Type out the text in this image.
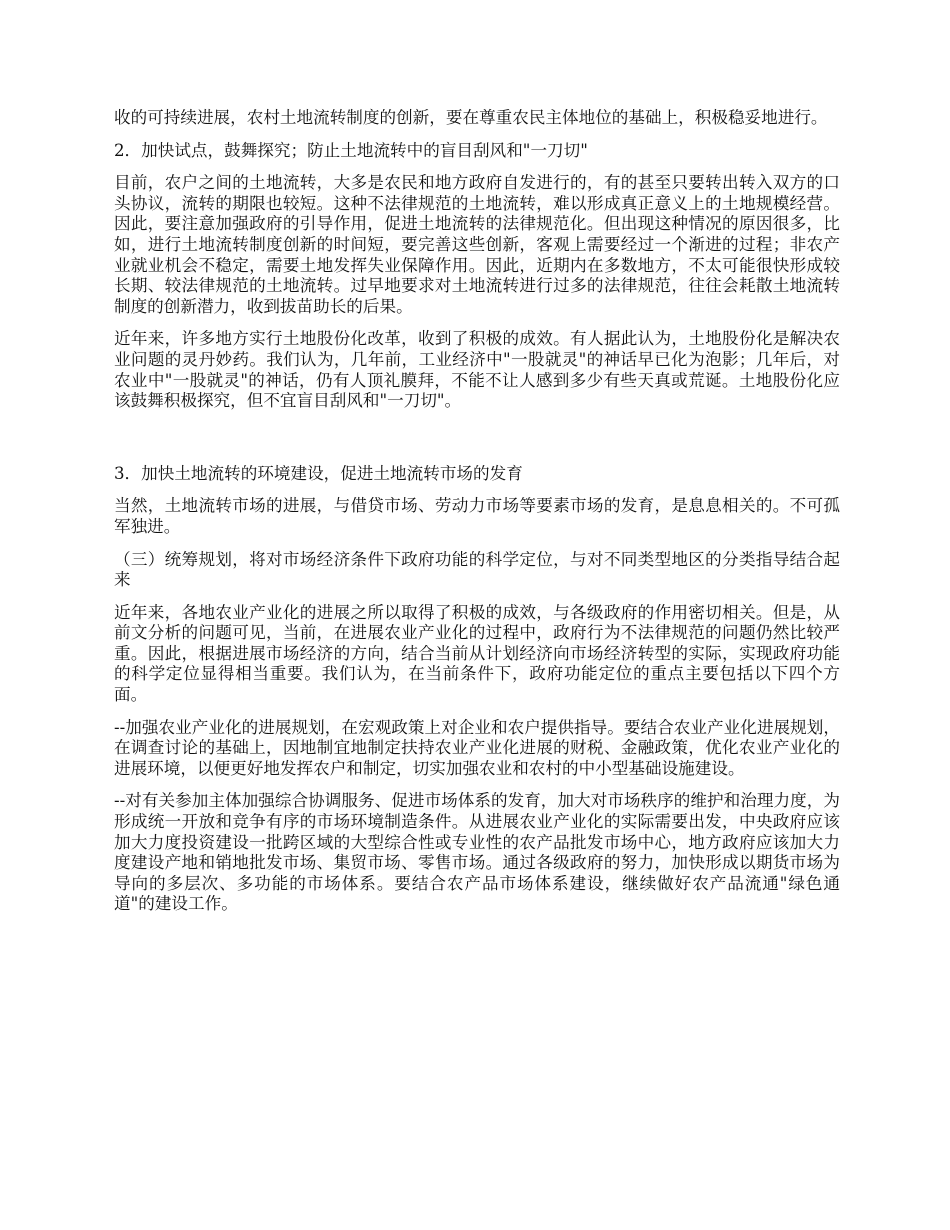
收的可持续进展，农村土地流转制度的创新，要在尊重农民主体地位的基础上，积极稳妥地进行。

2．加快试点，鼓舞探究；防止土地流转中的盲目刮风和"一刀切"

目前，农户之间的土地流转，大多是农民和地方政府自发进行的，有的甚至只要转出转入双方的口头协议，流转的期限也较短。这种不法律规范的土地流转，难以形成真正意义上的土地规模经营。因此，要注意加强政府的引导作用，促进土地流转的法律规范化。但出现这种情况的原因很多，比如，进行土地流转制度创新的时间短，要完善这些创新，客观上需要经过一个渐进的过程；非农产业就业机会不稳定，需要土地发挥失业保障作用。因此，近期内在多数地方，不太可能很快形成较长期、较法律规范的土地流转。过早地要求对土地流转进行过多的法律规范，往往会耗散土地流转制度的创新潜力，收到拔苗助长的后果。

近年来，许多地方实行土地股份化改革，收到了积极的成效。有人据此认为，土地股份化是解决农业问题的灵丹妙药。我们认为，几年前，工业经济中"一股就灵"的神话早已化为泡影；几年后，对农业中"一股就灵"的神话，仍有人顶礼膜拜，不能不让人感到多少有些天真或荒诞。土地股份化应该鼓舞积极探究，但不宜盲目刮风和"一刀切"。

3．加快土地流转的环境建设，促进土地流转市场的发育

当然，土地流转市场的进展，与借贷市场、劳动力市场等要素市场的发育，是息息相关的。不可孤军独进。

（三）统筹规划，将对市场经济条件下政府功能的科学定位，与对不同类型地区的分类指导结合起来

近年来，各地农业产业化的进展之所以取得了积极的成效，与各级政府的作用密切相关。但是，从前文分析的问题可见，当前，在进展农业产业化的过程中，政府行为不法律规范的问题仍然比较严重。因此，根据进展市场经济的方向，结合当前从计划经济向市场经济转型的实际，实现政府功能的科学定位显得相当重要。我们认为，在当前条件下，政府功能定位的重点主要包括以下四个方面。

--加强农业产业化的进展规划，在宏观政策上对企业和农户提供指导。要结合农业产业化进展规划，在调查讨论的基础上，因地制宜地制定扶持农业产业化进展的财税、金融政策，优化农业产业化的进展环境，以便更好地发挥农户和制定，切实加强农业和农村的中小型基础设施建设。

--对有关参加主体加强综合协调服务、促进市场体系的发育，加大对市场秩序的维护和治理力度，为形成统一开放和竞争有序的市场环境制造条件。从进展农业产业化的实际需要出发，中央政府应该加大力度投资建设一批跨区域的大型综合性或专业性的农产品批发市场中心，地方政府应该加大力度建设产地和销地批发市场、集贸市场、零售市场。通过各级政府的努力，加快形成以期货市场为导向的多层次、多功能的市场体系。要结合农产品市场体系建设，继续做好农产品流通"绿色通道"的建设工作。
